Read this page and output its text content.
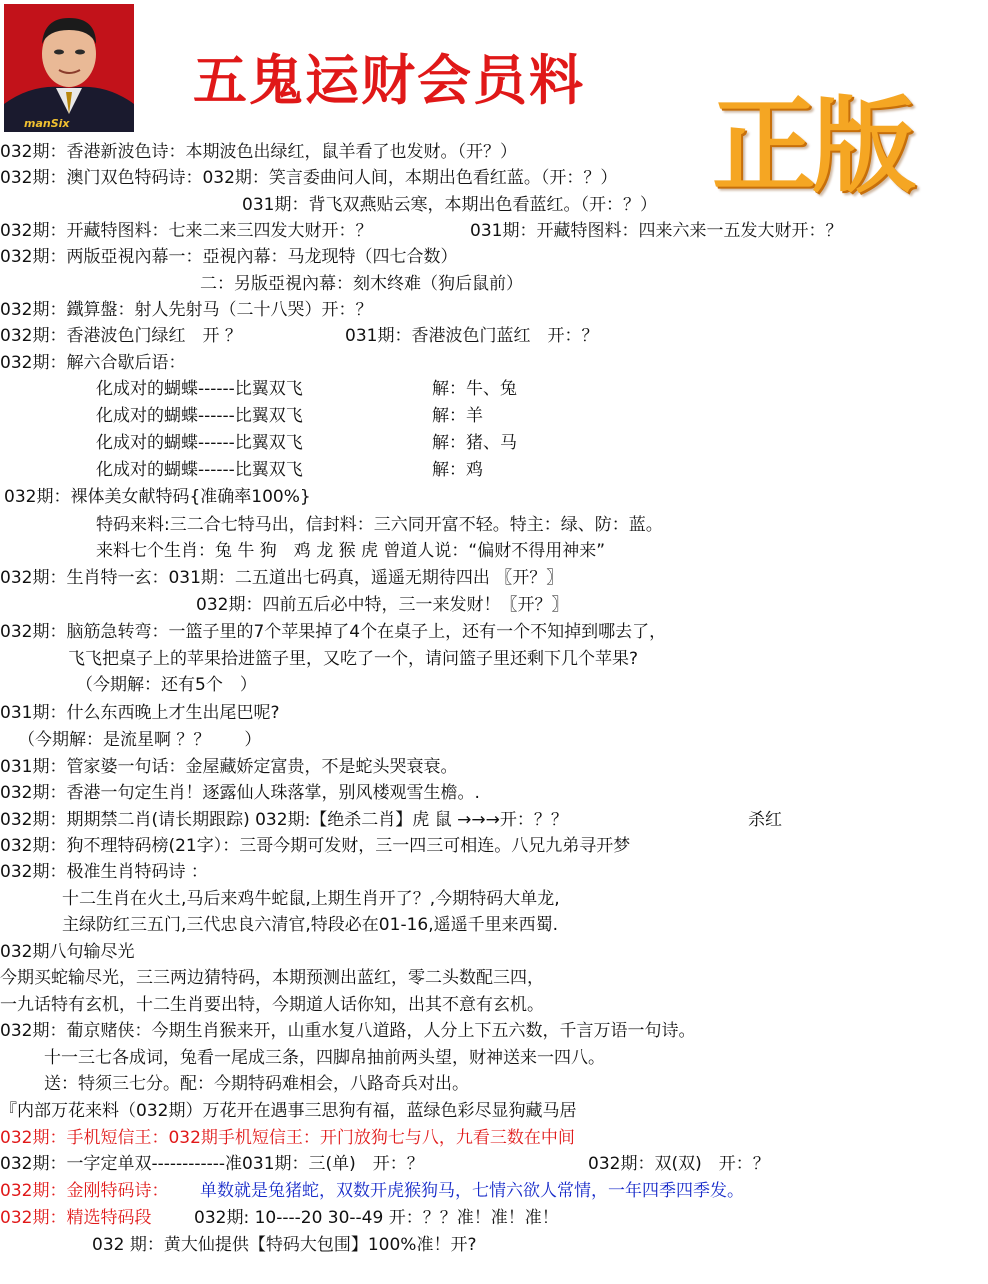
manSix
五鬼运财会员料
正版
032期：香港新波色诗：本期波色出绿红，鼠羊看了也发财。（开？）
032期：澳门双色特码诗：032期：笑言委曲问人间，本期出色看红蓝。（开：？）
031期：背飞双燕贴云寒，本期出色看蓝红。（开：？）
032期：开藏特图料：七来二来三四发大财开：？	031期：开藏特图料：四来六来一五发大财开：？
032期：两版亞視內幕一：亞視內幕：马龙现特（四七合数）
二：另版亞視內幕：刻木终难（狗后鼠前）
032期：鐵算盤：射人先射马（二十八哭）开：？
032期：香港波色门绿红　开 ？	031期：香港波色门蓝红　开：？
032期：解六合歇后语：
化成对的蝴蝶------比翼双飞	解：牛、兔
化成对的蝴蝶------比翼双飞	解：羊
化成对的蝴蝶------比翼双飞	解：猪、马
化成对的蝴蝶------比翼双飞	解：鸡
032期：裸体美女献特码{准确率100%}
特码来料:三二合七特马出，信封料：三六同开富不轻。特主：绿、防：蓝。
来料七个生肖：兔 牛 狗　鸡 龙 猴 虎 曾道人说：“偏财不得用神来”
032期：生肖特一玄：031期：二五道出七码真，遥遥无期待四出 〖开？〗
032期：四前五后必中特，三一来发财！〖开？〗
032期：脑筋急转弯：一篮子里的7个苹果掉了4个在桌子上，还有一个不知掉到哪去了，
飞飞把桌子上的苹果拾进篮子里，又吃了一个，请问篮子里还剩下几个苹果?
（今期解：还有5个　）
031期：什么东西晚上才生出尾巴呢?
（今期解：是流星啊 ？？　　）
031期：管家婆一句话：金屋藏娇定富贵，不是蛇头哭衰衰。
032期：香港一句定生肖！逐露仙人珠落掌，别风楼观雪生檐。.
032期：期期禁二肖(请长期跟踪) 032期:【绝杀二肖】虎 鼠 →→→开：？？	杀红
032期：狗不理特码榜(21字）：三哥今期可发财，三一四三可相连。八兄九弟寻开梦
032期：极准生肖特码诗 ：
十二生肖在火土,马后来鸡牛蛇鼠,上期生肖开了？,今期特码大单龙,
主绿防红三五门,三代忠良六清官,特段必在01-16,遥遥千里来西蜀.
032期八句输尽光
今期买蛇输尽光，三三两边猜特码，本期预测出蓝红，零二头数配三四，
一九话特有玄机，十二生肖要出特，今期道人话你知，出其不意有玄机。
032期：葡京赌侠：今期生肖猴来开，山重水复八道路，人分上下五六数，千言万语一句诗。
十一三七各成词，兔看一尾成三条，四脚帛抽前两头望，财神送来一四八。
送：特须三七分。配：今期特码难相会，八路奇兵对出。
『内部万花来料（032期）万花开在遇事三思狗有福，蓝绿色彩尽显狗藏马居
032期：手机短信王：032期手机短信王：开门放狗七与八，九看三数在中间
032期：一字定单双------------准031期：三(单)　开：？	032期：双(双)　开：？
032期：金刚特码诗： 单数就是兔猪蛇，双数开虎猴狗马，七情六欲人常情，一年四季四季发。
032期：精选特码段	032期: 10----20 30--49 开：？？准！准！准！
032 期：黄大仙提供【特码大包围】100%准！开?
